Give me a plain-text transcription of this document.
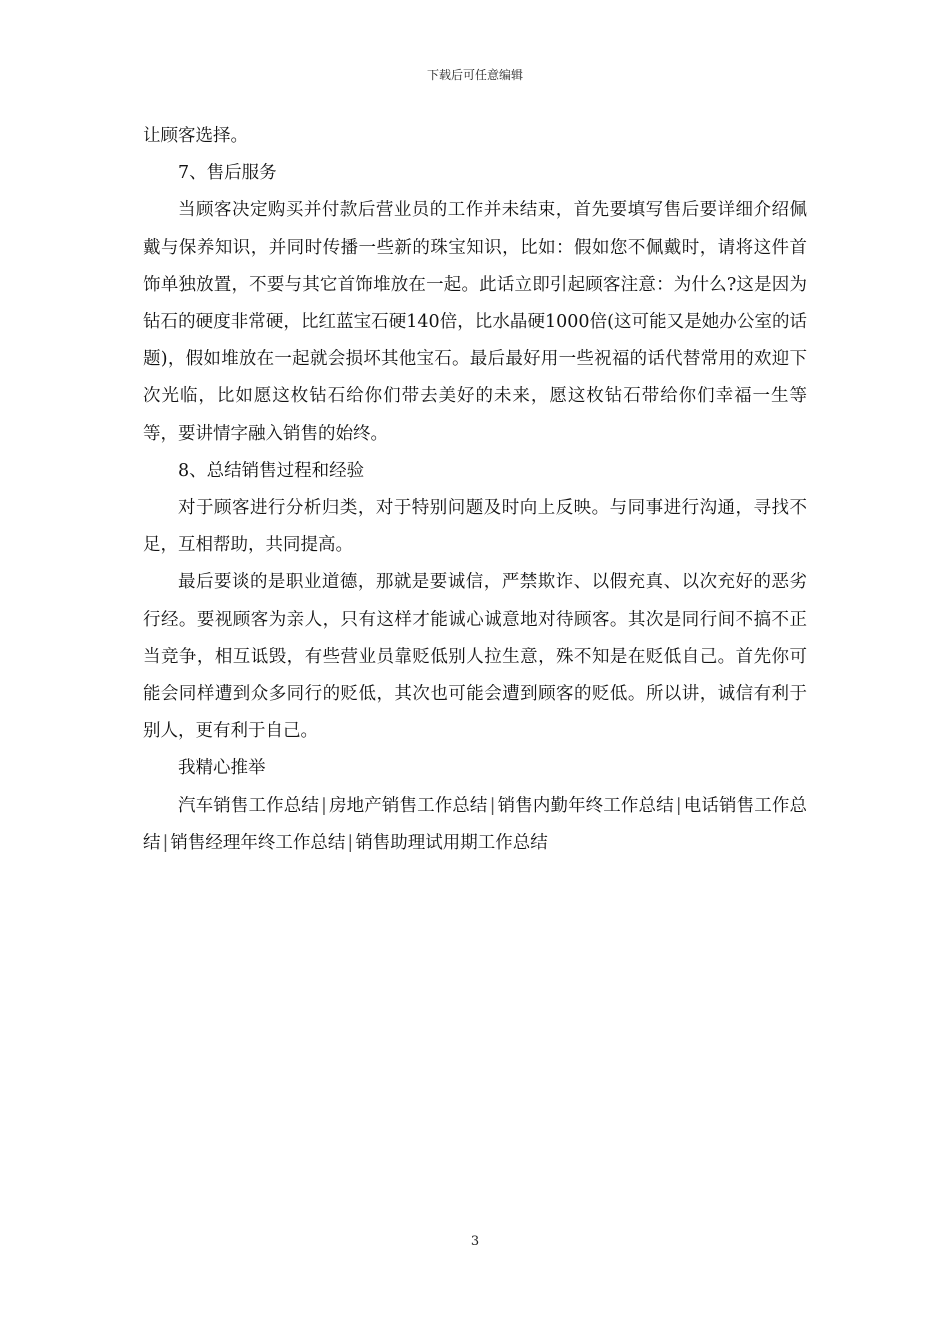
下载后可任意编辑

让顾客选择。

7、售后服务

当顾客决定购买并付款后营业员的工作并未结束，首先要填写售后要详细介绍佩戴与保养知识，并同时传播一些新的珠宝知识，比如：假如您不佩戴时，请将这件首饰单独放置，不要与其它首饰堆放在一起。此话立即引起顾客注意：为什么?这是因为钻石的硬度非常硬，比红蓝宝石硬140倍，比水晶硬1000倍(这可能又是她办公室的话题)，假如堆放在一起就会损坏其他宝石。最后最好用一些祝福的话代替常用的欢迎下次光临，比如愿这枚钻石给你们带去美好的未来，愿这枚钻石带给你们幸福一生等等，要讲情字融入销售的始终。

8、总结销售过程和经验

对于顾客进行分析归类，对于特别问题及时向上反映。与同事进行沟通，寻找不足，互相帮助，共同提高。

最后要谈的是职业道德，那就是要诚信，严禁欺诈、以假充真、以次充好的恶劣行经。要视顾客为亲人，只有这样才能诚心诚意地对待顾客。其次是同行间不搞不正当竞争，相互诋毁，有些营业员靠贬低别人拉生意，殊不知是在贬低自己。首先你可能会同样遭到众多同行的贬低，其次也可能会遭到顾客的贬低。所以讲，诚信有利于别人，更有利于自己。

我精心推举

汽车销售工作总结 | 房地产销售工作总结 | 销售内勤年终工作总结 | 电话销售工作总结 | 销售经理年终工作总结 | 销售助理试用期工作总结

3
